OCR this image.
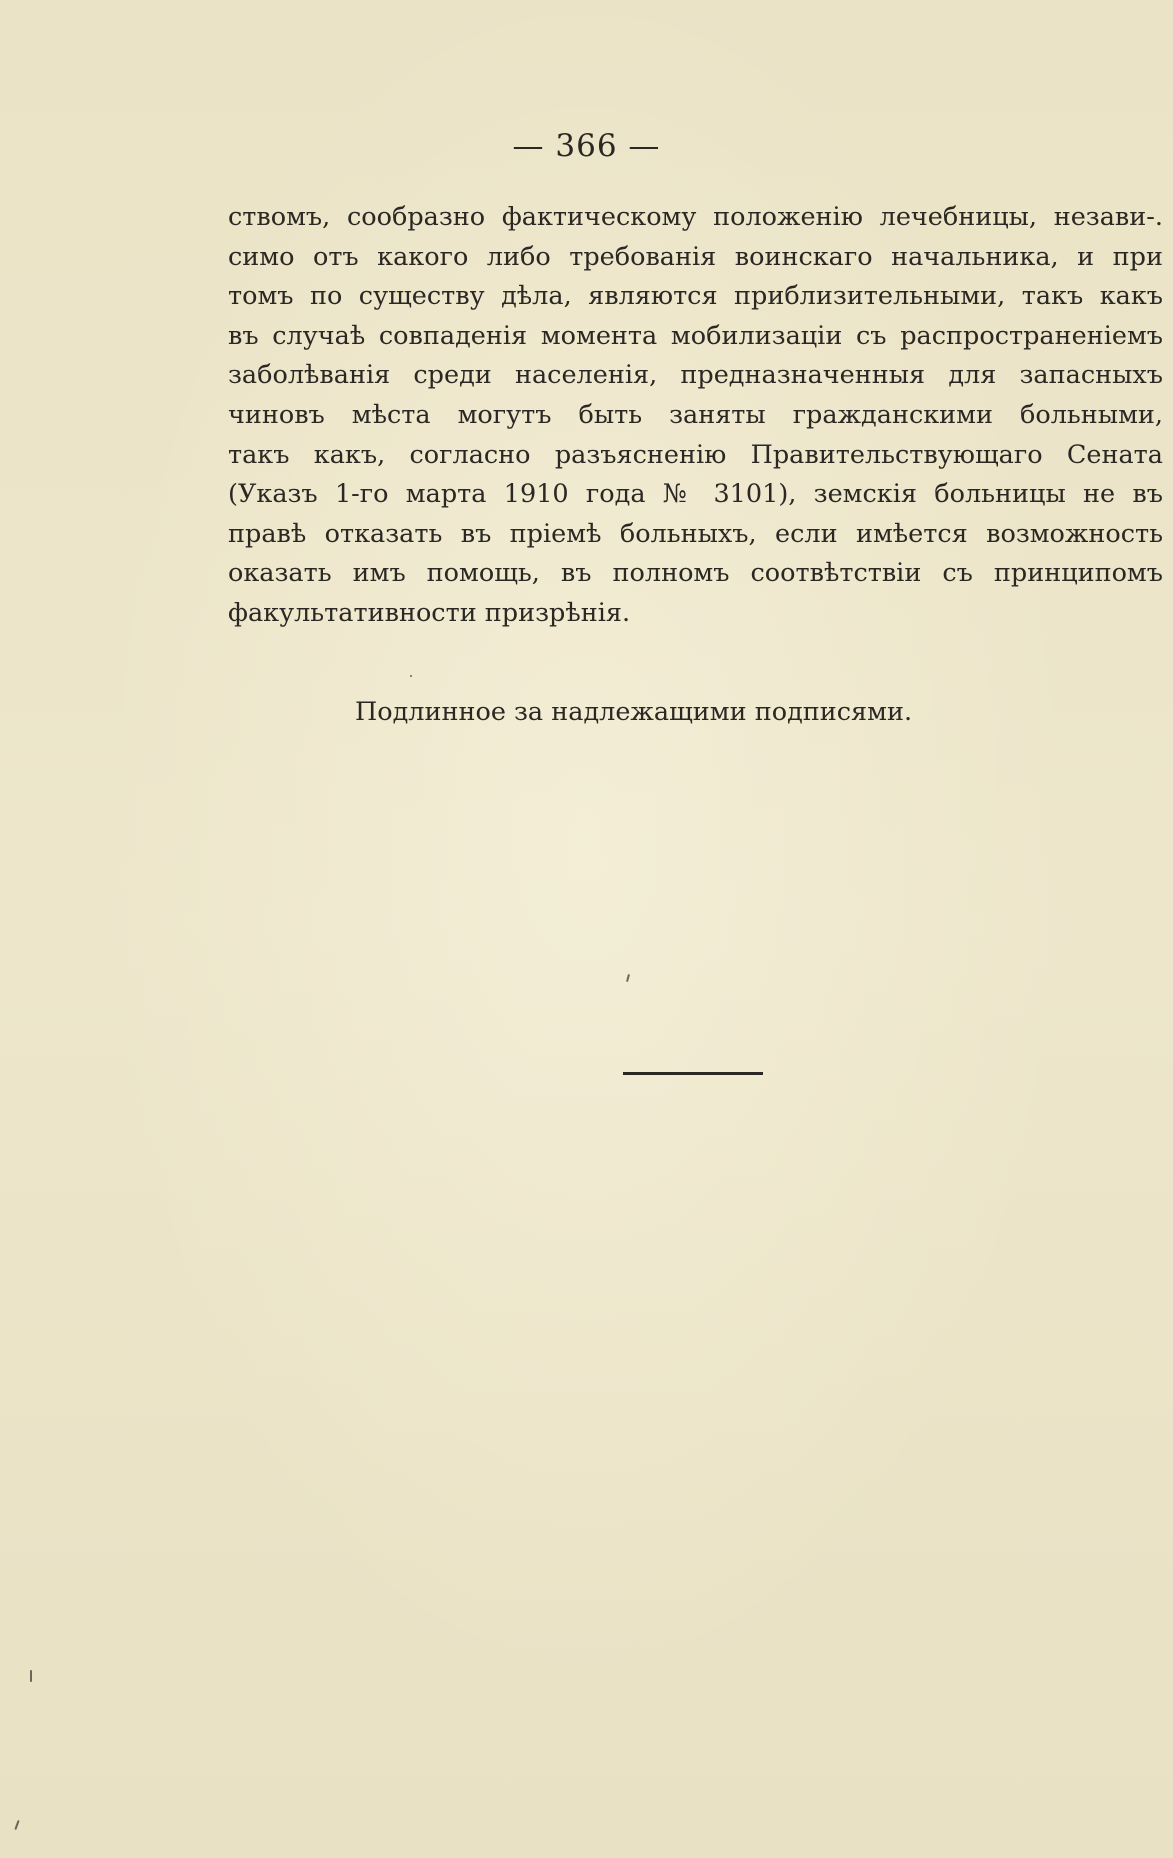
— 366 —
ствомъ, сообразно фактическому положенію лечебницы, незави-.
симо отъ какого либо требованія воинскаго начальника, и при
томъ по существу дѣла, являются приблизительными, такъ какъ
въ случаѣ совпаденія момента мобилизаціи съ распространеніемъ
заболѣванія среди населенія, предназначенныя для запасныхъ
чиновъ мѣста могутъ быть заняты гражданскими больными,
такъ какъ, согласно разъясненію Правительствующаго Сената
(Указъ 1-го марта 1910 года № 3101), земскія больницы не въ
правѣ отказать въ пріемѣ больныхъ, если имѣется возможность
оказать имъ помощь, въ полномъ соотвѣтствіи съ принципомъ
факультативности призрѣнія.
Подлинное за надлежащими подписями.
